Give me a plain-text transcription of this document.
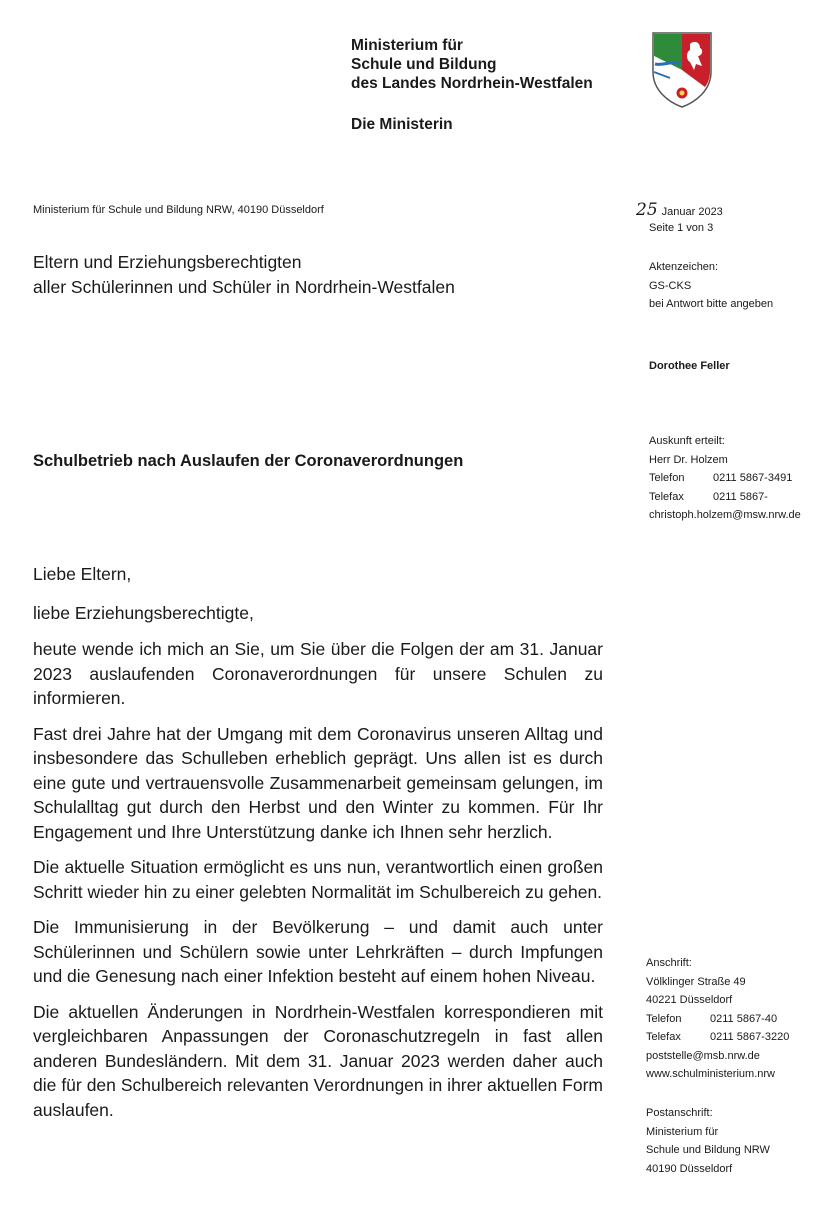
Ministerium für
Schule und Bildung
des Landes Nordrhein-Westfalen
Die Ministerin
Ministerium für Schule und Bildung NRW, 40190 Düsseldorf
Eltern und Erziehungsberechtigten
aller Schülerinnen und Schüler in Nordrhein-Westfalen
25 Januar 2023
Seite 1 von 3
Aktenzeichen:
GS-CKS
bei Antwort bitte angeben
Dorothee Feller
Auskunft erteilt:
Herr Dr. Holzem
Telefon	0211 5867-3491
Telefax	0211 5867-
christoph.holzem@msw.nrw.de
Schulbetrieb nach Auslaufen der Coronaverordnungen

Liebe Eltern,

liebe Erziehungsberechtigte,

heute wende ich mich an Sie, um Sie über die Folgen der am 31. Januar 2023 auslaufenden Coronaverordnungen für unsere Schulen zu informieren.

Fast drei Jahre hat der Umgang mit dem Coronavirus unseren Alltag und insbesondere das Schulleben erheblich geprägt. Uns allen ist es durch eine gute und vertrauensvolle Zusammenarbeit gemeinsam gelungen, im Schulalltag gut durch den Herbst und den Winter zu kommen. Für Ihr Engagement und Ihre Unterstützung danke ich Ihnen sehr herzlich.

Die aktuelle Situation ermöglicht es uns nun, verantwortlich einen großen Schritt wieder hin zu einer gelebten Normalität im Schulbereich zu gehen.

Die Immunisierung in der Bevölkerung – und damit auch unter Schülerinnen und Schülern sowie unter Lehrkräften – durch Impfungen und die Genesung nach einer Infektion besteht auf einem hohen Niveau.

Die aktuellen Änderungen in Nordrhein-Westfalen korrespondieren mit vergleichbaren Anpassungen der Coronaschutzregeln in fast allen anderen Bundesländern. Mit dem 31. Januar 2023 werden daher auch die für den Schulbereich relevanten Verordnungen in ihrer aktuellen Form auslaufen.

Anschrift:
Völklinger Straße 49
40221 Düsseldorf
Telefon	0211 5867-40
Telefax	0211 5867-3220
poststelle@msb.nrw.de
www.schulministerium.nrw
Postanschrift:
Ministerium für
Schule und Bildung NRW
40190 Düsseldorf
